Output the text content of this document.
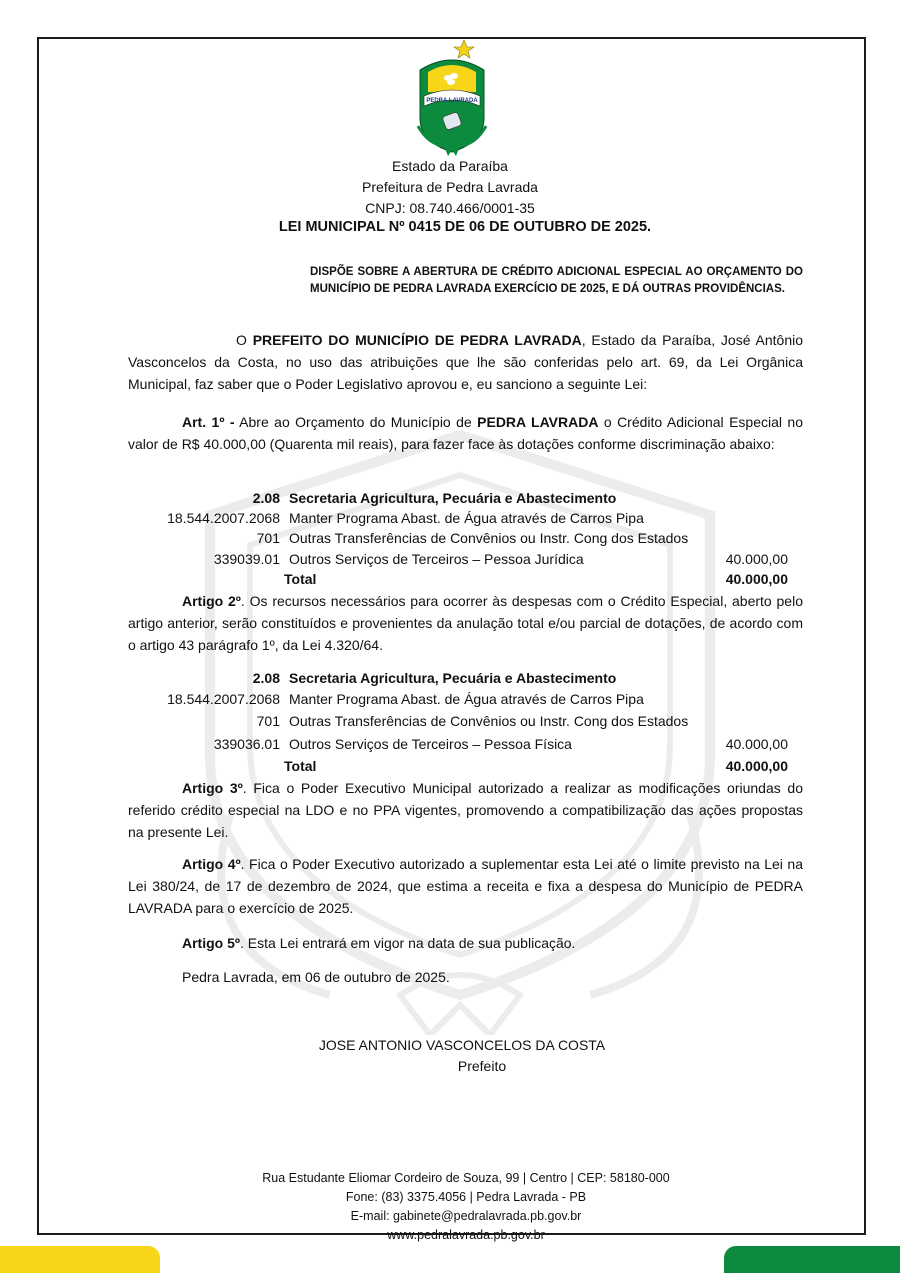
PEDRA LAVRADA
Estado da Paraíba
Prefeitura de Pedra Lavrada
CNPJ: 08.740.466/0001-35
LEI MUNICIPAL Nº 0415 DE 06 DE OUTUBRO DE 2025.
DISPÕE SOBRE A ABERTURA DE CRÉDITO ADICIONAL ESPECIAL AO ORÇAMENTO DO MUNICÍPIO DE PEDRA LAVRADA EXERCÍCIO DE 2025, E DÁ OUTRAS PROVIDÊNCIAS.
O PREFEITO DO MUNICÍPIO DE PEDRA LAVRADA, Estado da Paraíba, José Antônio Vasconcelos da Costa, no uso das atribuições que lhe são conferidas pelo art. 69, da Lei Orgânica Municipal, faz saber que o Poder Legislativo aprovou e, eu sanciono a seguinte Lei:
Art. 1º - Abre ao Orçamento do Município de PEDRA LAVRADA o Crédito Adicional Especial no valor de R$ 40.000,00 (Quarenta mil reais), para fazer face às dotações conforme discriminação abaixo:
2.08 Secretaria Agricultura, Pecuária e Abastecimento
18.544.2007.2068 Manter Programa Abast. de Água através de Carros Pipa
701 Outras Transferências de Convênios ou Instr. Cong dos Estados
339039.01 Outros Serviços de Terceiros – Pessoa Jurídica	40.000,00
Total	40.000,00
Artigo 2º. Os recursos necessários para ocorrer às despesas com o Crédito Especial, aberto pelo artigo anterior, serão constituídos e provenientes da anulação total e/ou parcial de dotações, de acordo com o artigo 43 parágrafo 1º, da Lei 4.320/64.
2.08 Secretaria Agricultura, Pecuária e Abastecimento
18.544.2007.2068 Manter Programa Abast. de Água através de Carros Pipa
701 Outras Transferências de Convênios ou Instr. Cong dos Estados
339036.01 Outros Serviços de Terceiros – Pessoa Física	40.000,00
Total	40.000,00
Artigo 3º. Fica o Poder Executivo Municipal autorizado a realizar as modificações oriundas do referido crédito especial na LDO e no PPA vigentes, promovendo a compatibilização das ações propostas na presente Lei.
Artigo 4º. Fica o Poder Executivo autorizado a suplementar esta Lei até o limite previsto na Lei na Lei 380/24, de 17 de dezembro de 2024, que estima a receita e fixa a despesa do Município de PEDRA LAVRADA para o exercício de 2025.
Artigo 5º. Esta Lei entrará em vigor na data de sua publicação.
Pedra Lavrada, em 06 de outubro de 2025.
JOSE ANTONIO VASCONCELOS DA COSTA
Prefeito
Rua Estudante Eliomar Cordeiro de Souza, 99 | Centro | CEP: 58180-000
Fone: (83) 3375.4056 | Pedra Lavrada - PB
E-mail: gabinete@pedralavrada.pb.gov.br
www.pedralavrada.pb.gov.br
